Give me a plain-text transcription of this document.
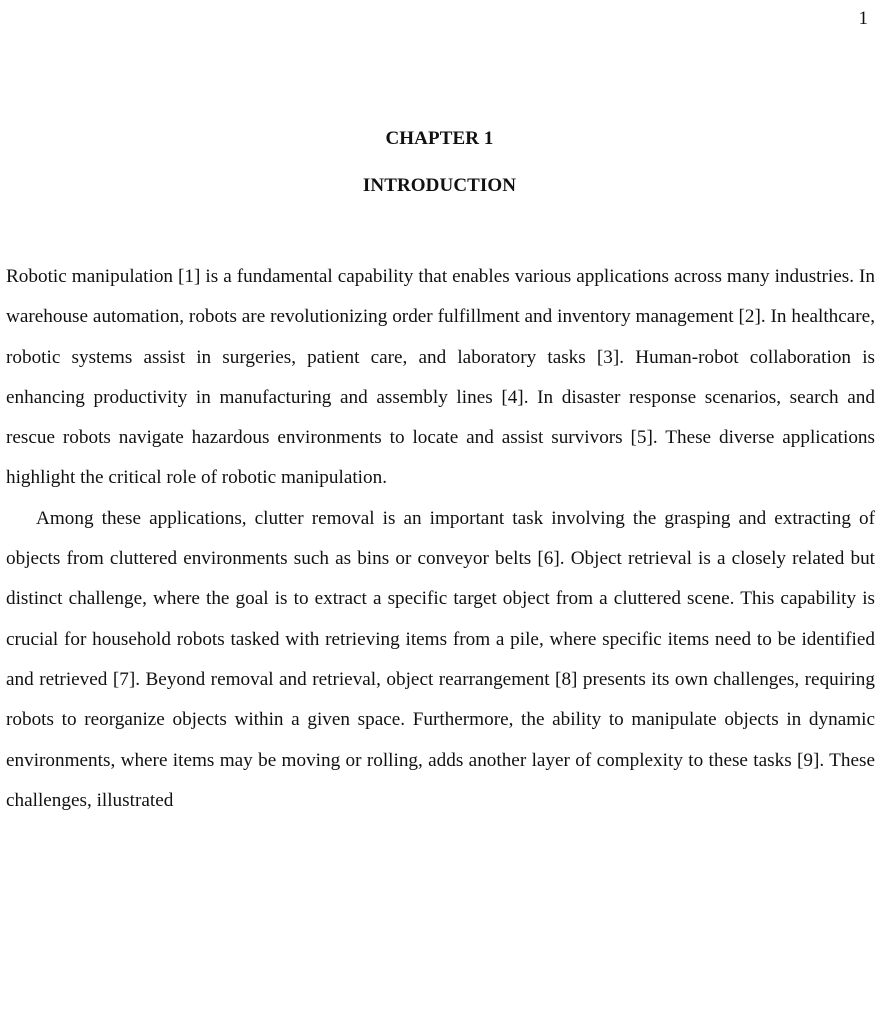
1
CHAPTER 1
INTRODUCTION

Robotic manipulation [1] is a fundamental capability that enables various applications across many industries. In warehouse automation, robots are revolutionizing order fulfillment and inventory management [2]. In healthcare, robotic systems assist in surgeries, patient care, and laboratory tasks [3]. Human-robot collaboration is enhancing productivity in manufacturing and assembly lines [4]. In disaster response scenarios, search and rescue robots navigate hazardous environments to locate and assist survivors [5]. These diverse applications highlight the critical role of robotic manipulation.

Among these applications, clutter removal is an important task involving the grasping and extracting of objects from cluttered environments such as bins or conveyor belts [6]. Object retrieval is a closely related but distinct challenge, where the goal is to extract a specific target object from a cluttered scene. This capability is crucial for household robots tasked with retrieving items from a pile, where specific items need to be identified and retrieved [7]. Beyond removal and retrieval, object rearrangement [8] presents its own challenges, requiring robots to reorganize objects within a given space. Furthermore, the ability to manipulate objects in dynamic environments, where items may be moving or rolling, adds another layer of complexity to these tasks [9]. These challenges, illustrated
